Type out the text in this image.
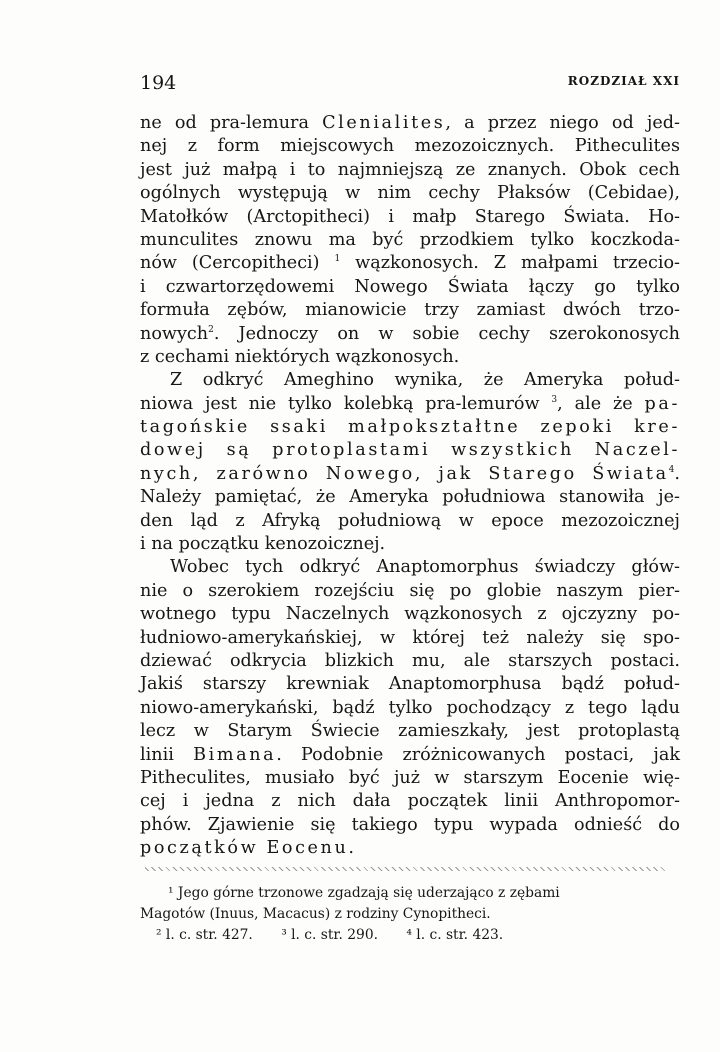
194	ROZDZIAŁ XXI
ne od pra-lemura Clenialites, a przez niego od jed-
nej z form miejscowych mezozoicznych. Pitheculites
jest już małpą i to najmniejszą ze znanych. Obok cech
ogólnych występują w nim cechy Płaksów (Cebidae),
Matołków (Arctopitheci) i małp Starego Świata. Ho-
munculites znowu ma być przodkiem tylko koczkoda-
nów (Cercopitheci) $^1$ wązkonosych. Z małpami trzecio-
i czwartorzędowemi Nowego Świata łączy go tylko
formuła zębów, mianowicie trzy zamiast dwóch trzo-
nowych$^2$. Jednoczy on w sobie cechy szerokonosych
z cechami niektórych wązkonosych.
Z odkryć Ameghino wynika, że Ameryka połud-
niowa jest nie tylko kolebką pra-lemurów $^3$, ale że pa-
tagońskie ssaki małpokształtne zepoki kre-
dowej są protoplastami wszystkich Naczel-
nych, zarówno Nowego, jak Starego Świata$^4$.
Należy pamiętać, że Ameryka południowa stanowiła je-
den ląd z Afryką południową w epoce mezozoicznej
i na początku kenozoicznej.
Wobec tych odkryć Anaptomorphus świadczy głów-
nie o szerokiem rozejściu się po globie naszym pier-
wotnego typu Naczelnych wązkonosych z ojczyzny po-
łudniowo-amerykańskiej, w której też należy się spo-
dziewać odkrycia blizkich mu, ale starszych postaci.
Jakiś starszy krewniak Anaptomorphusa bądź połud-
niowo-amerykański, bądź tylko pochodzący z tego lądu
lecz w Starym Świecie zamieszkały, jest protoplastą
linii Bimana. Podobnie zróżnicowanych postaci, jak
Pitheculites, musiało być już w starszym Eocenie wię-
cej i jedna z nich dała początek linii Anthropomor-
phów. Zjawienie się takiego typu wypada odnieść do
początków Eocenu.
¹ Jego górne trzonowe zgadzają się uderzająco z zębami
Magotów (Inuus, Macacus) z rodziny Cynopitheci.
² l. c. str. 427. ³ l. c. str. 290. ⁴ l. c. str. 423.
